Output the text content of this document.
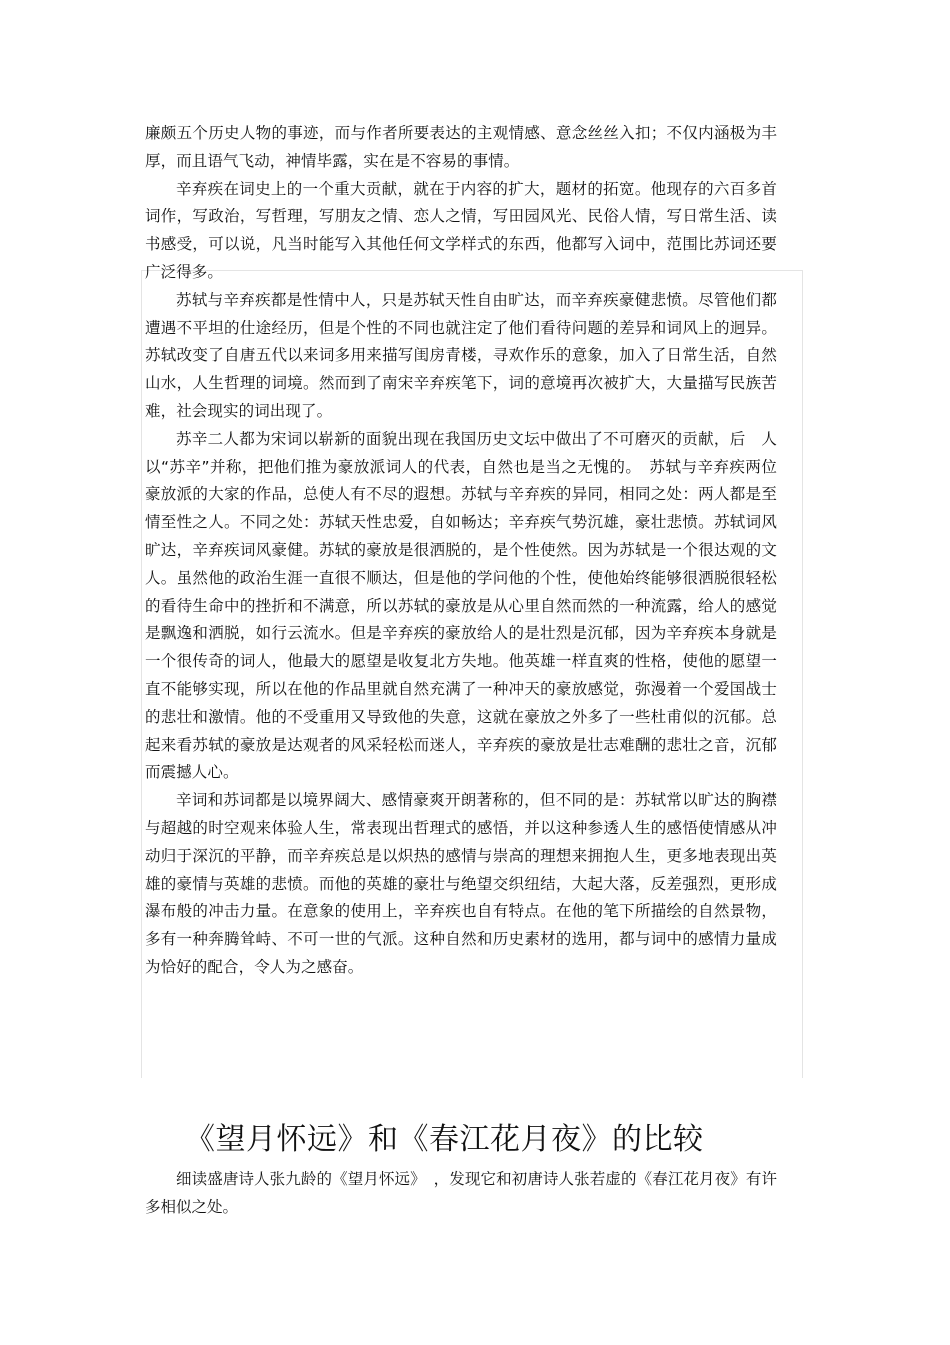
廉颇五个历史人物的事迹，而与作者所要表达的主观情感、意念丝丝入扣；不仅内涵极为丰厚，而且语气飞动，神情毕露，实在是不容易的事情。

辛弃疾在词史上的一个重大贡献，就在于内容的扩大，题材的拓宽。他现存的六百多首词作，写政治，写哲理，写朋友之情、恋人之情，写田园风光、民俗人情，写日常生活、读书感受，可以说，凡当时能写入其他任何文学样式的东西，他都写入词中，范围比苏词还要广泛得多。

苏轼与辛弃疾都是性情中人，只是苏轼天性自由旷达，而辛弃疾豪健悲愤。尽管他们都遭遇不平坦的仕途经历，但是个性的不同也就注定了他们看待问题的差异和词风上的迥异。苏轼改变了自唐五代以来词多用来描写闺房青楼，寻欢作乐的意象，加入了日常生活，自然山水，人生哲理的词境。然而到了南宋辛弃疾笔下，词的意境再次被扩大，大量描写民族苦难，社会现实的词出现了。

苏辛二人都为宋词以崭新的面貌出现在我国历史文坛中做出了不可磨灭的贡献，后　人以“苏辛”并称，把他们推为豪放派词人的代表，自然也是当之无愧的。　苏轼与辛弃疾两位豪放派的大家的作品，总使人有不尽的遐想。苏轼与辛弃疾的异同，相同之处：两人都是至情至性之人。不同之处：苏轼天性忠爱，自如畅达；辛弃疾气势沉雄，豪壮悲愤。苏轼词风旷达，辛弃疾词风豪健。苏轼的豪放是很洒脱的，是个性使然。因为苏轼是一个很达观的文人。虽然他的政治生涯一直很不顺达，但是他的学问他的个性，使他始终能够很洒脱很轻松的看待生命中的挫折和不满意，所以苏轼的豪放是从心里自然而然的一种流露，给人的感觉是飘逸和洒脱，如行云流水。但是辛弃疾的豪放给人的是壮烈是沉郁，因为辛弃疾本身就是一个很传奇的词人，他最大的愿望是收复北方失地。他英雄一样直爽的性格，使他的愿望一直不能够实现，所以在他的作品里就自然充满了一种冲天的豪放感觉，弥漫着一个爱国战士的悲壮和激情。他的不受重用又导致他的失意，这就在豪放之外多了一些杜甫似的沉郁。总起来看苏轼的豪放是达观者的风采轻松而迷人，辛弃疾的豪放是壮志难酬的悲壮之音，沉郁而震撼人心。

辛词和苏词都是以境界阔大、感情豪爽开朗著称的，但不同的是：苏轼常以旷达的胸襟与超越的时空观来体验人生，常表现出哲理式的感悟，并以这种参透人生的感悟使情感从冲动归于深沉的平静，而辛弃疾总是以炽热的感情与崇高的理想来拥抱人生，更多地表现出英雄的豪情与英雄的悲愤。而他的英雄的豪壮与绝望交织纽结，大起大落，反差强烈，更形成瀑布般的冲击力量。在意象的使用上，辛弃疾也自有特点。在他的笔下所描绘的自然景物，多有一种奔腾耸峙、不可一世的气派。这种自然和历史素材的选用，都与词中的感情力量成为恰好的配合，令人为之感奋。

《望月怀远》和《春江花月夜》的比较

细读盛唐诗人张九龄的《望月怀远》　，发现它和初唐诗人张若虚的《春江花月夜》有许多相似之处。
